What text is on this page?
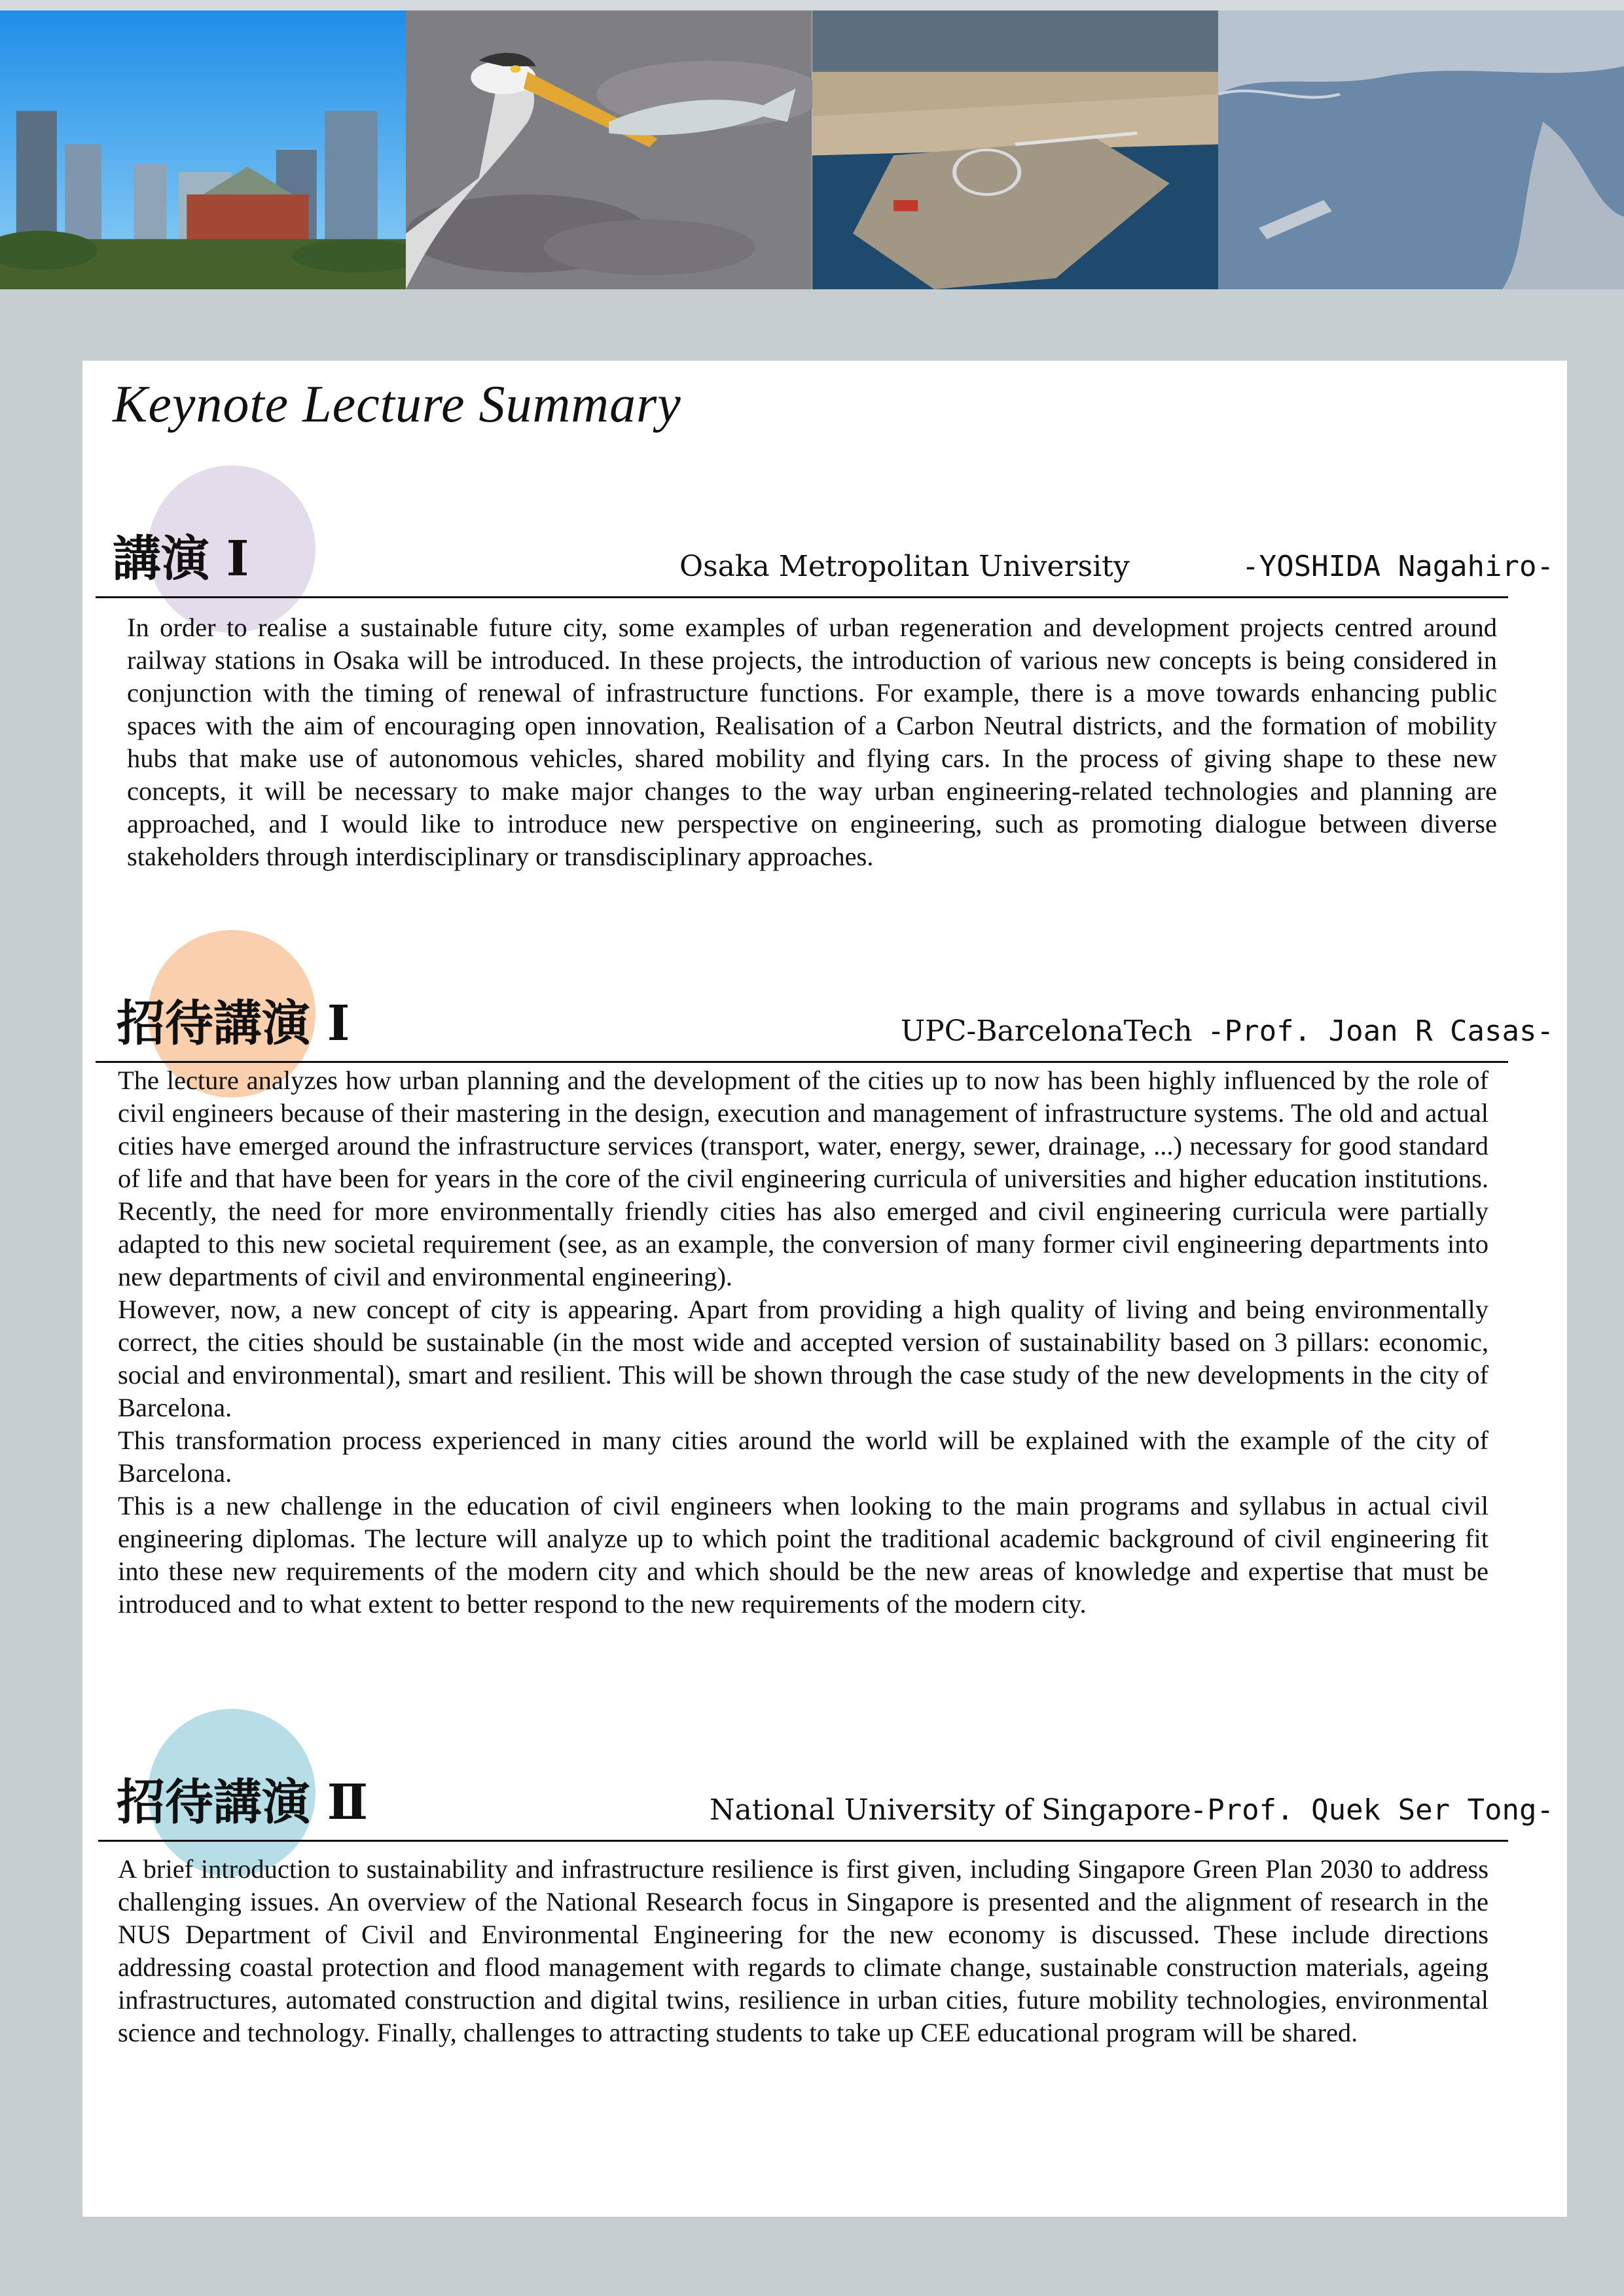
Keynote Lecture Summary
講演 Ⅰ	Osaka Metropolitan University	-YOSHIDA Nagahiro-

In order to realise a sustainable future city, some examples of urban regeneration and development projects centred around railway stations in Osaka will be introduced. In these projects, the introduction of various new concepts is being considered in conjunction with the timing of renewal of infrastructure functions. For example, there is a move towards enhancing public spaces with the aim of encouraging open innovation, Realisation of a Carbon Neutral districts, and the formation of mobility hubs that make use of autonomous vehicles, shared mobility and flying cars. In the process of giving shape to these new concepts, it will be necessary to make major changes to the way urban engineering-related technologies and planning are approached, and I would like to introduce new perspective on engineering, such as promoting dialogue between diverse stakeholders through interdisciplinary or transdisciplinary approaches.

招待講演 Ⅰ	UPC-BarcelonaTech -Prof. Joan R Casas-

The lecture analyzes how urban planning and the development of the cities up to now has been highly influenced by the role of civil engineers because of their mastering in the design, execution and management of infrastructure systems. The old and actual cities have emerged around the infrastructure services (transport, water, energy, sewer, drainage, ...) necessary for good standard of life and that have been for years in the core of the civil engineering curricula of universities and higher education institutions. Recently, the need for more environmentally friendly cities has also emerged and civil engineering curricula were partially adapted to this new societal requirement (see, as an example, the conversion of many former civil engineering departments into new departments of civil and environmental engineering).

However, now, a new concept of city is appearing. Apart from providing a high quality of living and being environmentally correct, the cities should be sustainable (in the most wide and accepted version of sustainability based on 3 pillars: economic, social and environmental), smart and resilient. This will be shown through the case study of the new developments in the city of Barcelona.

This transformation process experienced in many cities around the world will be explained with the example of the city of Barcelona.

This is a new challenge in the education of civil engineers when looking to the main programs and syllabus in actual civil engineering diplomas. The lecture will analyze up to which point the traditional academic background of civil engineering fit into these new requirements of the modern city and which should be the new areas of knowledge and expertise that must be introduced and to what extent to better respond to the new requirements of the modern city.

招待講演 Ⅱ	National University of Singapore
-Prof. Quek Ser Tong-

A brief introduction to sustainability and infrastructure resilience is first given, including Singapore Green Plan 2030 to address challenging issues. An overview of the National Research focus in Singapore is presented and the alignment of research in the NUS Department of Civil and Environmental Engineering for the new economy is discussed. These include directions addressing coastal protection and flood management with regards to climate change, sustainable construction materials, ageing infrastructures, automated construction and digital twins, resilience in urban cities, future mobility technologies, environmental science and technology. Finally, challenges to attracting students to take up CEE educational program will be shared.
